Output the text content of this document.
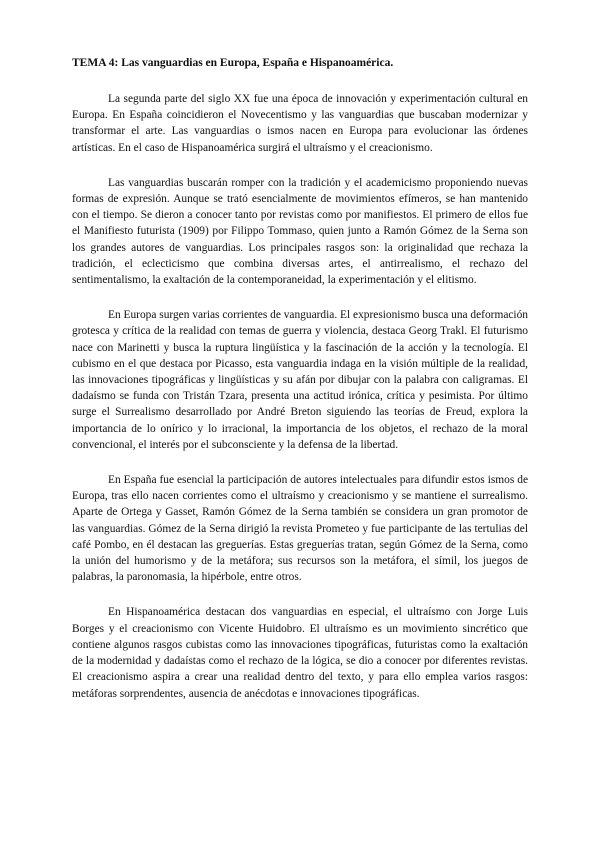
TEMA 4: Las vanguardias en Europa, España e Hispanoamérica.

La segunda parte del siglo XX fue una época de innovación y experimentación cultural en Europa. En España coincidieron el Novecentismo y las vanguardias que buscaban modernizar y transformar el arte. Las vanguardias o ismos nacen en Europa para evolucionar las órdenes artísticas. En el caso de Hispanoamérica surgirá el ultraísmo y el creacionismo.

Las vanguardias buscarán romper con la tradición y el academicismo proponiendo nuevas formas de expresión. Aunque se trató esencialmente de movimientos efímeros, se han mantenido con el tiempo. Se dieron a conocer tanto por revistas como por manifiestos. El primero de ellos fue el Manifiesto futurista (1909) por Filippo Tommaso, quien junto a Ramón Gómez de la Serna son los grandes autores de vanguardias. Los principales rasgos son: la originalidad que rechaza la tradición, el eclecticismo que combina diversas artes, el antirrealismo, el rechazo del sentimentalismo, la exaltación de la contemporaneidad, la experimentación y el elitismo.

En Europa surgen varias corrientes de vanguardia. El expresionismo busca una deformación grotesca y crítica de la realidad con temas de guerra y violencia, destaca Georg Trakl. El futurismo nace con Marinetti y busca la ruptura lingüística y la fascinación de la acción y la tecnología. El cubismo en el que destaca por Picasso, esta vanguardia indaga en la visión múltiple de la realidad, las innovaciones tipográficas y lingüísticas y su afán por dibujar con la palabra con caligramas. El dadaísmo se funda con Tristán Tzara, presenta una actitud irónica, crítica y pesimista. Por último surge el Surrealismo desarrollado por André Breton siguiendo las teorías de Freud, explora la importancia de lo onírico y lo irracional, la importancia de los objetos, el rechazo de la moral convencional, el interés por el subconsciente y la defensa de la libertad.

En España fue esencial la participación de autores intelectuales para difundir estos ismos de Europa, tras ello nacen corrientes como el ultraísmo y creacionismo y se mantiene el surrealismo. Aparte de Ortega y Gasset, Ramón Gómez de la Serna también se considera un gran promotor de las vanguardias. Gómez de la Serna dirigió la revista Prometeo y fue participante de las tertulias del café Pombo, en él destacan las greguerías. Estas greguerías tratan, según Gómez de la Serna, como la unión del humorismo y de la metáfora; sus recursos son la metáfora, el símil, los juegos de palabras, la paronomasia, la hipérbole, entre otros.

En Hispanoamérica destacan dos vanguardias en especial, el ultraísmo con Jorge Luis Borges y el creacionismo con Vicente Huidobro. El ultraísmo es un movimiento sincrético que contiene algunos rasgos cubistas como las innovaciones tipográficas, futuristas como la exaltación de la modernidad y dadaístas como el rechazo de la lógica, se dio a conocer por diferentes revistas. El creacionismo aspira a crear una realidad dentro del texto, y para ello emplea varios rasgos: metáforas sorprendentes, ausencia de anécdotas e innovaciones tipográficas.
